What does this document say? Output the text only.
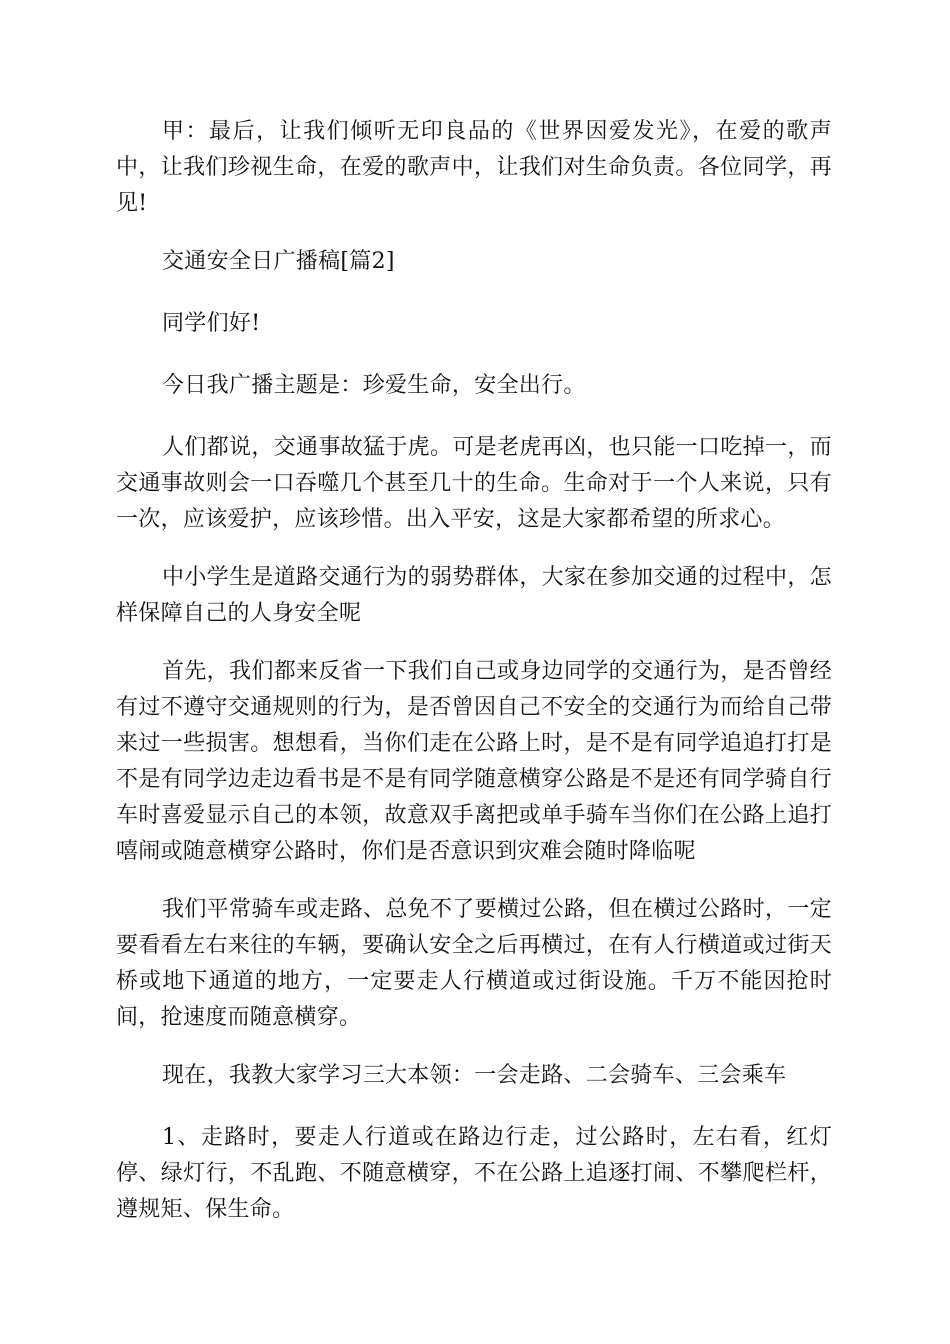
甲：最后，让我们倾听无印良品的《世界因爱发光》，在爱的歌声中，让我们珍视生命，在爱的歌声中，让我们对生命负责。各位同学，再见!

交通安全日广播稿[篇2]

同学们好!

今日我广播主题是：珍爱生命，安全出行。

人们都说，交通事故猛于虎。可是老虎再凶，也只能一口吃掉一，而交通事故则会一口吞噬几个甚至几十的生命。生命对于一个人来说，只有一次，应该爱护，应该珍惜。出入平安，这是大家都希望的所求心。

中小学生是道路交通行为的弱势群体，大家在参加交通的过程中，怎样保障自己的人身安全呢

首先，我们都来反省一下我们自己或身边同学的交通行为，是否曾经有过不遵守交通规则的行为，是否曾因自己不安全的交通行为而给自己带来过一些损害。想想看，当你们走在公路上时，是不是有同学追追打打是不是有同学边走边看书是不是有同学随意横穿公路是不是还有同学骑自行车时喜爱显示自己的本领，故意双手离把或单手骑车当你们在公路上追打嘻闹或随意横穿公路时，你们是否意识到灾难会随时降临呢

我们平常骑车或走路、总免不了要横过公路，但在横过公路时，一定要看看左右来往的车辆，要确认安全之后再横过，在有人行横道或过街天桥或地下通道的地方，一定要走人行横道或过街设施。千万不能因抢时间，抢速度而随意横穿。

现在，我教大家学习三大本领：一会走路、二会骑车、三会乘车

1、走路时，要走人行道或在路边行走，过公路时，左右看，红灯停、绿灯行，不乱跑、不随意横穿，不在公路上追逐打闹、不攀爬栏杆，遵规矩、保生命。
